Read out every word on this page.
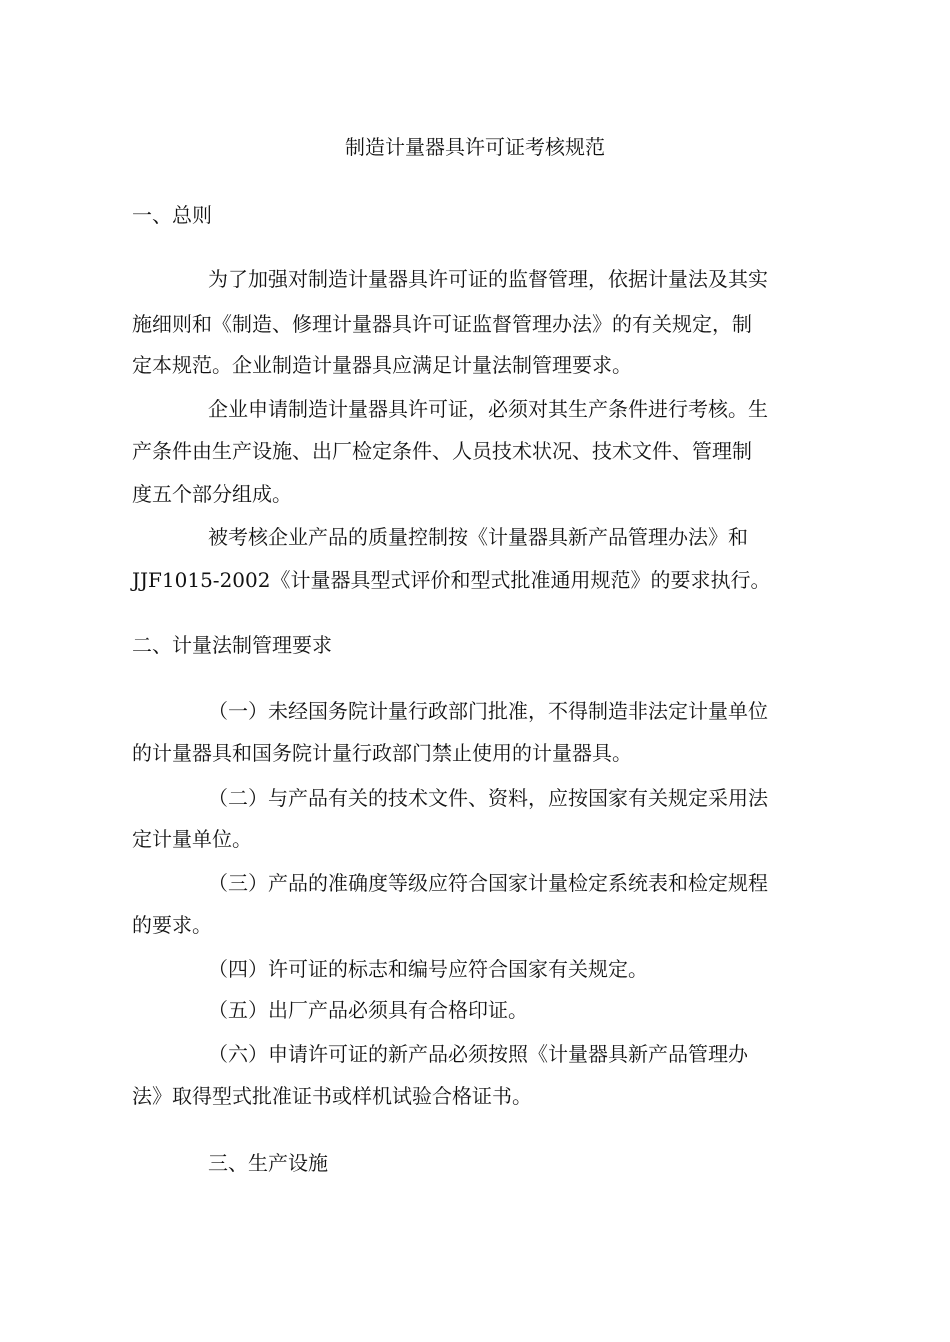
制造计量器具许可证考核规范
一、总则
为了加强对制造计量器具许可证的监督管理，依据计量法及其实
施细则和《制造、修理计量器具许可证监督管理办法》的有关规定，制
定本规范。企业制造计量器具应满足计量法制管理要求。
企业申请制造计量器具许可证，必须对其生产条件进行考核。生
产条件由生产设施、出厂检定条件、人员技术状况、技术文件、管理制
度五个部分组成。
被考核企业产品的质量控制按《计量器具新产品管理办法》和
JJF1015-2002《计量器具型式评价和型式批准通用规范》的要求执行。
二、计量法制管理要求
（一）未经国务院计量行政部门批准，不得制造非法定计量单位
的计量器具和国务院计量行政部门禁止使用的计量器具。
（二）与产品有关的技术文件、资料，应按国家有关规定采用法
定计量单位。
（三）产品的准确度等级应符合国家计量检定系统表和检定规程
的要求。
（四）许可证的标志和编号应符合国家有关规定。
（五）出厂产品必须具有合格印证。
（六）申请许可证的新产品必须按照《计量器具新产品管理办
法》取得型式批准证书或样机试验合格证书。
三、生产设施
